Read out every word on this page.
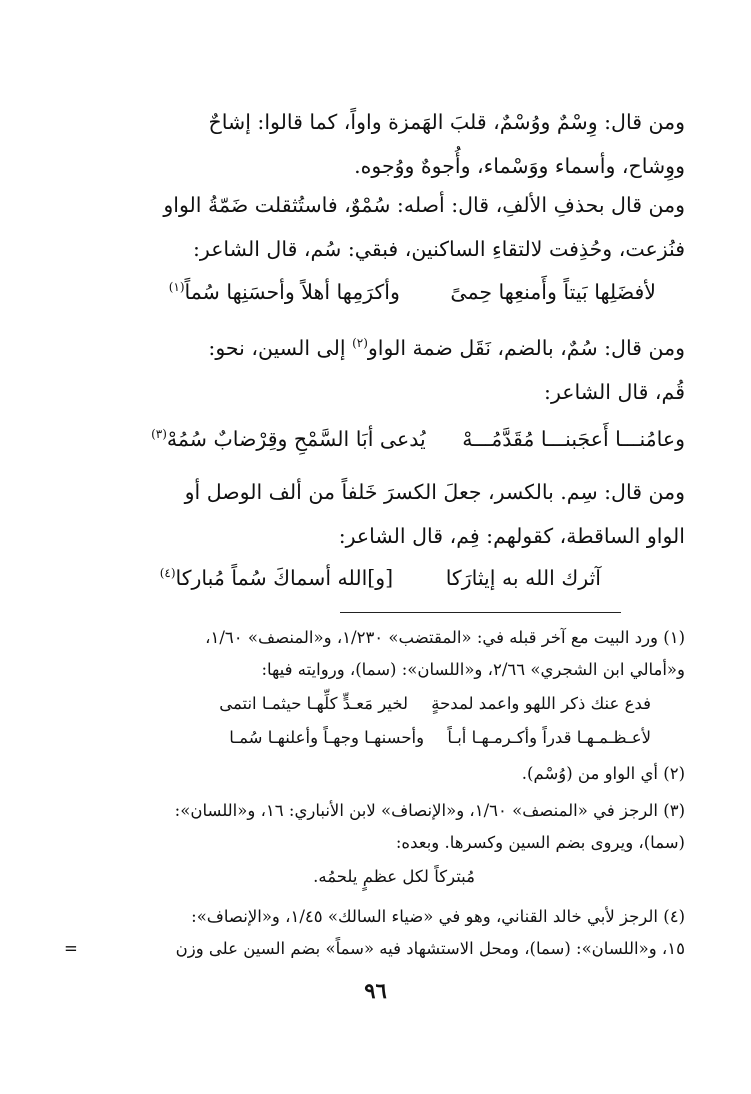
ومن قال: وِسْمٌ ووُسْمٌ، قلبَ الهَمزة واواً، كما قالوا: إشاحٌ
ووِشاح، وأسماء ووَسْماء، وأُجوهٌ ووُجوه.
ومن قال بحذفِ الألفِ، قال: أصله: سُمْوٌ، فاستُثقلت ضَمّةُ الواو
فنُزعت، وحُذِفت لالتقاءِ الساكنين، فبقي: سُم، قال الشاعر:
لأفضَلِها بَيتاً وأَمنعِها حِمىً وأكرَمِها أهلاً وأحسَنِها سُماً$^{(١)}$
ومن قال: سُمٌ، بالضم، نَقَل ضمة الواو$^{(٢)}$ إلى السين، نحو:
قُم، قال الشاعر:
وعامُنـــا أَعجَبنـــا مُقَدَّمُـــهْ يُدعى أبَا السَّمْحِ وقِرْضابٌ سُمُهْ$^{(٣)}$
ومن قال: سِم. بالكسر، جعلَ الكسرَ خَلفاً من ألف الوصل أو
الواو الساقطة، كقولهم: فِم، قال الشاعر:
آثرك الله به إيثارَكا [و]الله أسماكَ سُماً مُباركا$^{(٤)}$
(١) ورد البيت مع آخر قبله في: «المقتضب» ١/٢٣٠، و«المنصف» ١/٦٠،
و«أمالي ابن الشجري» ٢/٦٦، و«اللسان»: (سما)، وروايته فيها:
فدع عنك ذكر اللهو واعمد لمدحةٍ لخير مَعـدٍّ كلِّهـا حيثمـا انتمى
لأعـظـمـهـا قدراً وأكـرمـهـا أبـاً وأحسنهـا وجهـاً وأعلنهـا سُمـا
(٢) أي الواو من (وُسْم).
(٣) الرجز في «المنصف» ١/٦٠، و«الإنصاف» لابن الأنباري: ١٦، و«اللسان»:
(سما)، ويروى بضم السين وكسرها. وبعده:
مُبتركاً لكل عظمٍ يلحمُه.
(٤) الرجز لأبي خالد القناني، وهو في «ضياء السالك» ١/٤٥، و«الإنصاف»:
١٥، و«اللسان»: (سما)، ومحل الاستشهاد فيه «سماً» بضم السين على وزن
=
٩٦
